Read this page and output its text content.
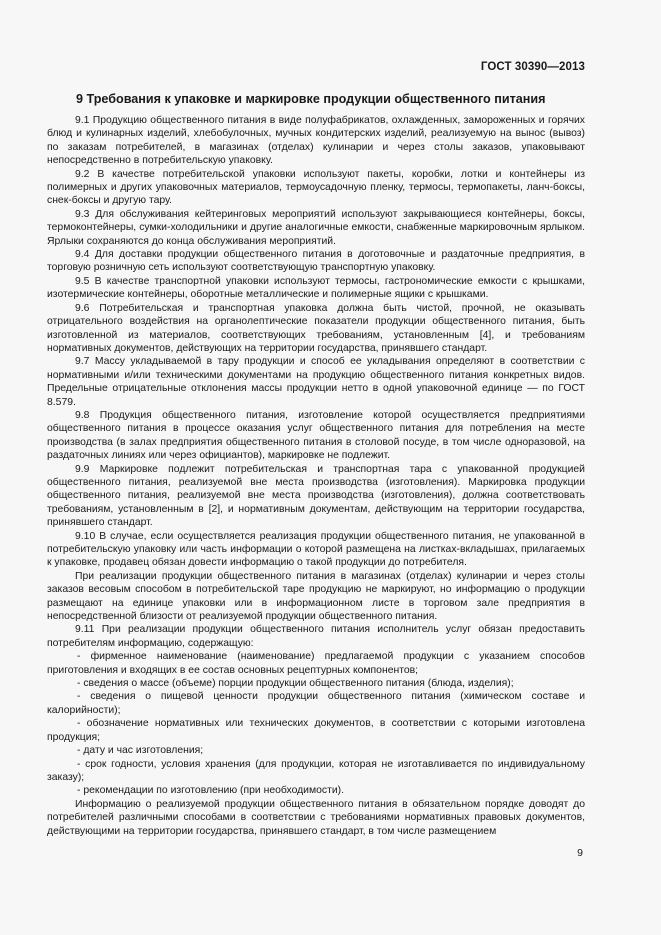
ГОСТ 30390—2013
9 Требования к упаковке и маркировке продукции общественного питания

9.1 Продукцию общественного питания в виде полуфабрикатов, охлажденных, замороженных и горячих блюд и кулинарных изделий, хлебобулочных, мучных кондитерских изделий, реализуемую на вынос (вывоз) по заказам потребителей, в магазинах (отделах) кулинарии и через столы заказов, упаковывают непосредственно в потребительскую упаковку.

9.2 В качестве потребительской упаковки используют пакеты, коробки, лотки и контейнеры из полимерных и других упаковочных материалов, термоусадочную пленку, термосы, термопакеты, ланч-боксы, снек-боксы и другую тару.

9.3 Для обслуживания кейтеринговых мероприятий используют закрывающиеся контейнеры, боксы, термоконтейнеры, сумки-холодильники и другие аналогичные емкости, снабженные маркировочным ярлыком. Ярлыки сохраняются до конца обслуживания мероприятий.

9.4 Для доставки продукции общественного питания в доготовочные и раздаточные предприятия, в торговую розничную сеть используют соответствующую транспортную упаковку.

9.5 В качестве транспортной упаковки используют термосы, гастрономические емкости с крышками, изотермические контейнеры, оборотные металлические и полимерные ящики с крышками.

9.6 Потребительская и транспортная упаковка должна быть чистой, прочной, не оказывать отрицательного воздействия на органолептические показатели продукции общественного питания, быть изготовленной из материалов, соответствующих требованиям, установленным [4], и требованиям нормативных документов, действующих на территории государства, принявшего стандарт.

9.7 Массу укладываемой в тару продукции и способ ее укладывания определяют в соответствии с нормативными и/или техническими документами на продукцию общественного питания конкретных видов. Предельные отрицательные отклонения массы продукции нетто в одной упаковочной единице — по ГОСТ 8.579.

9.8 Продукция общественного питания, изготовление которой осуществляется предприятиями общественного питания в процессе оказания услуг общественного питания для потребления на месте производства (в залах предприятия общественного питания в столовой посуде, в том числе одноразовой, на раздаточных линиях или через официантов), маркировке не подлежит.

9.9 Маркировке подлежит потребительская и транспортная тара с упакованной продукцией общественного питания, реализуемой вне места производства (изготовления). Маркировка продукции общественного питания, реализуемой вне места производства (изготовления), должна соответствовать требованиям, установленным в [2], и нормативным документам, действующим на территории государства, принявшего стандарт.

9.10 В случае, если осуществляется реализация продукции общественного питания, не упакованной в потребительскую упаковку или часть информации о которой размещена на листках-вкладышах, прилагаемых к упаковке, продавец обязан довести информацию о такой продукции до потребителя.

При реализации продукции общественного питания в магазинах (отделах) кулинарии и через столы заказов весовым способом в потребительской таре продукцию не маркируют, но информацию о продукции размещают на единице упаковки или в информационном листе в торговом зале предприятия в непосредственной близости от реализуемой продукции общественного питания.

9.11 При реализации продукции общественного питания исполнитель услуг обязан предоставить потребителям информацию, содержащую:

- фирменное наименование (наименование) предлагаемой продукции с указанием способов приготовления и входящих в ее состав основных рецептурных компонентов;

- сведения о массе (объеме) порции продукции общественного питания (блюда, изделия);

- сведения о пищевой ценности продукции общественного питания (химическом составе и калорийности);

- обозначение нормативных или технических документов, в соответствии с которыми изготовлена продукция;

- дату и час изготовления;

- срок годности, условия хранения (для продукции, которая не изготавливается по индивидуальному заказу);

- рекомендации по изготовлению (при необходимости).

Информацию о реализуемой продукции общественного питания в обязательном порядке доводят до потребителей различными способами в соответствии с требованиями нормативных правовых документов, действующими на территории государства, принявшего стандарт, в том числе размещением

9
